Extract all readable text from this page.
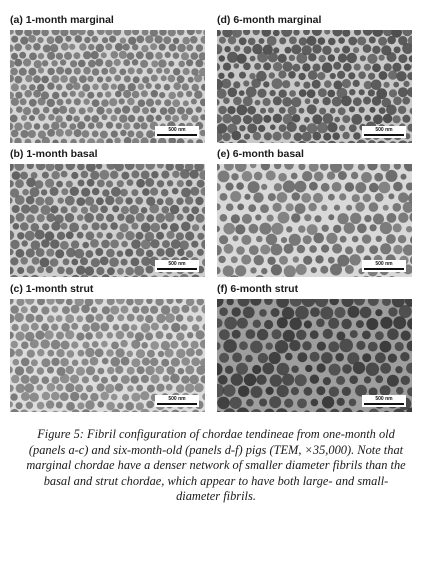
(a) 1-month marginal
500 nm
(d) 6-month marginal
500 nm
(b) 1-month basal
500 nm
(e) 6-month basal
500 nm
(c) 1-month strut
500 nm
(f) 6-month strut
500 nm
Figure 5: Fibril configuration of chordae tendineae from one-month old (panels a-c) and six-month-old (panels d-f) pigs (TEM, ×35,000). Note that marginal chordae have a denser network of smaller diameter fibrils than the basal and strut chordae, which appear to have both large- and small-diameter fibrils.
